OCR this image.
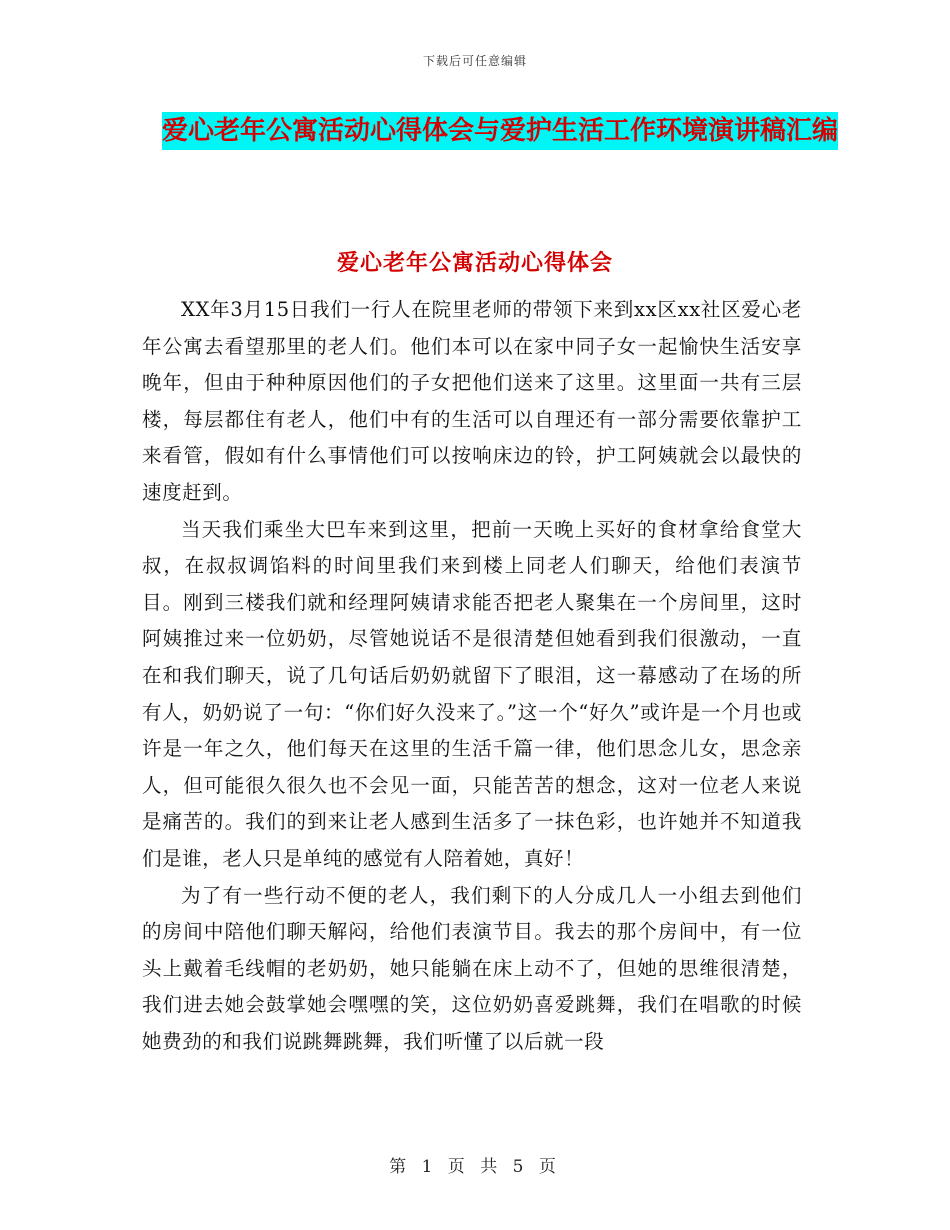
下载后可任意编辑
爱心老年公寓活动心得体会与爱护生活工作环境演讲稿汇编
爱心老年公寓活动心得体会

XX年3月15日我们一行人在院里老师的带领下来到xx区xx社区爱心老年公寓去看望那里的老人们。他们本可以在家中同子女一起愉快生活安享晚年，但由于种种原因他们的子女把他们送来了这里。这里面一共有三层楼，每层都住有老人，他们中有的生活可以自理还有一部分需要依靠护工来看管，假如有什么事情他们可以按响床边的铃，护工阿姨就会以最快的速度赶到。

当天我们乘坐大巴车来到这里，把前一天晚上买好的食材拿给食堂大叔，在叔叔调馅料的时间里我们来到楼上同老人们聊天，给他们表演节目。刚到三楼我们就和经理阿姨请求能否把老人聚集在一个房间里，这时阿姨推过来一位奶奶，尽管她说话不是很清楚但她看到我们很激动，一直在和我们聊天，说了几句话后奶奶就留下了眼泪，这一幕感动了在场的所有人，奶奶说了一句：“你们好久没来了。”这一个“好久”或许是一个月也或许是一年之久，他们每天在这里的生活千篇一律，他们思念儿女，思念亲人，但可能很久很久也不会见一面，只能苦苦的想念，这对一位老人来说是痛苦的。我们的到来让老人感到生活多了一抹色彩，也许她并不知道我们是谁，老人只是单纯的感觉有人陪着她，真好！

为了有一些行动不便的老人，我们剩下的人分成几人一小组去到他们的房间中陪他们聊天解闷，给他们表演节目。我去的那个房间中，有一位头上戴着毛线帽的老奶奶，她只能躺在床上动不了，但她的思维很清楚，我们进去她会鼓掌她会嘿嘿的笑，这位奶奶喜爱跳舞，我们在唱歌的时候她费劲的和我们说跳舞跳舞，我们听懂了以后就一段

第 1 页 共 5 页
